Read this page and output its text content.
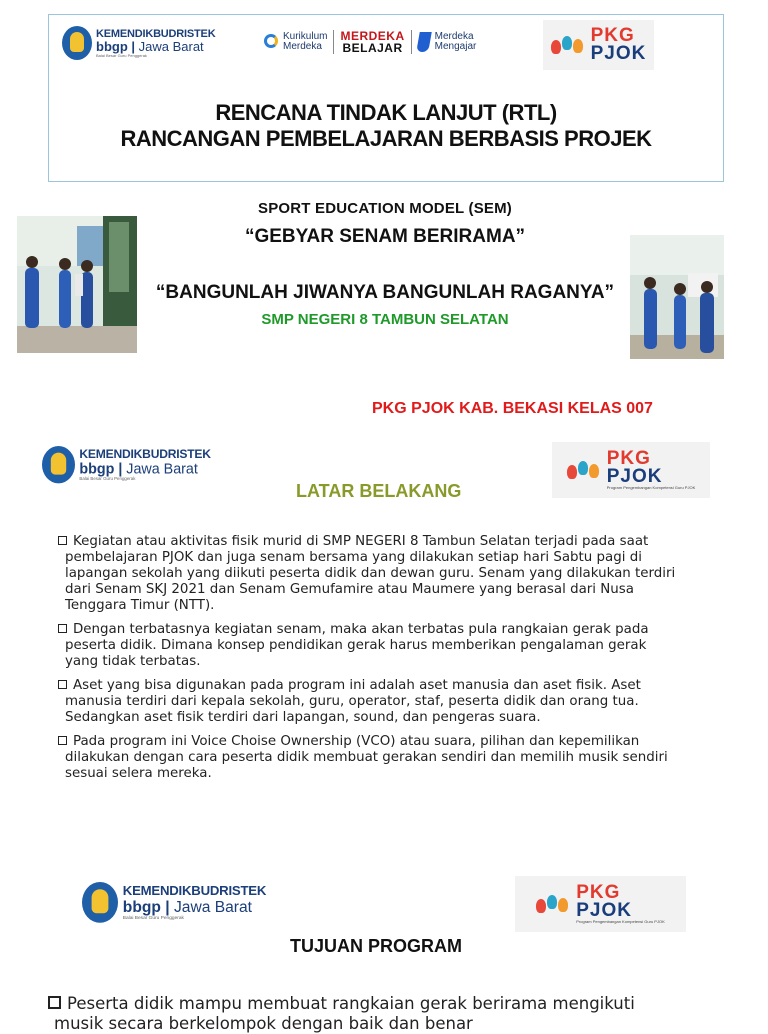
KEMENDIKBUDRISTEK
bbgp | Jawa Barat
Balai Besar Guru Penggerak
Kurikulum
Merdeka
MERDEKA
BELAJAR
Merdeka
Mengajar
PKG
PJOK
RENCANA TINDAK LANJUT (RTL)
RANCANGAN PEMBELAJARAN BERBASIS PROJEK
SPORT EDUCATION MODEL (SEM)
“GEBYAR SENAM BERIRAMA”
“BANGUNLAH JIWANYA BANGUNLAH RAGANYA”
SMP NEGERI 8 TAMBUN SELATAN
PKG PJOK KAB. BEKASI KELAS 007
KEMENDIKBUDRISTEK
bbgp | Jawa Barat
Balai Besar Guru Penggerak
PKG
PJOK
Program Pengembangan Kompetensi Guru PJOK
LATAR BELAKANG

Kegiatan atau aktivitas fisik murid di SMP NEGERI 8 Tambun Selatan terjadi pada saat

pembelajaran PJOK dan juga senam bersama yang dilakukan setiap hari Sabtu pagi di

lapangan sekolah yang diikuti peserta didik dan dewan guru. Senam yang dilakukan terdiri

dari Senam SKJ 2021 dan Senam Gemufamire atau Maumere yang berasal dari Nusa

Tenggara Timur (NTT).

Dengan terbatasnya kegiatan senam, maka akan terbatas pula rangkaian gerak pada

peserta didik. Dimana konsep pendidikan gerak harus memberikan pengalaman gerak

yang tidak terbatas.

Aset yang bisa digunakan pada program ini adalah aset manusia dan aset fisik. Aset

manusia terdiri dari kepala sekolah, guru, operator, staf, peserta didik dan orang tua.

Sedangkan aset fisik terdiri dari lapangan, sound, dan pengeras suara.

Pada program ini Voice Choise Ownership (VCO) atau suara, pilihan dan kepemilikan

dilakukan dengan cara peserta didik membuat gerakan sendiri dan memilih musik sendiri

sesuai selera mereka.

KEMENDIKBUDRISTEK
bbgp | Jawa Barat
Balai Besar Guru Penggerak
PKG
PJOK
Program Pengembangan Kompetensi Guru PJOK
TUJUAN PROGRAM
Peserta didik mampu membuat rangkaian gerak berirama mengikuti
musik secara berkelompok dengan baik dan benar
